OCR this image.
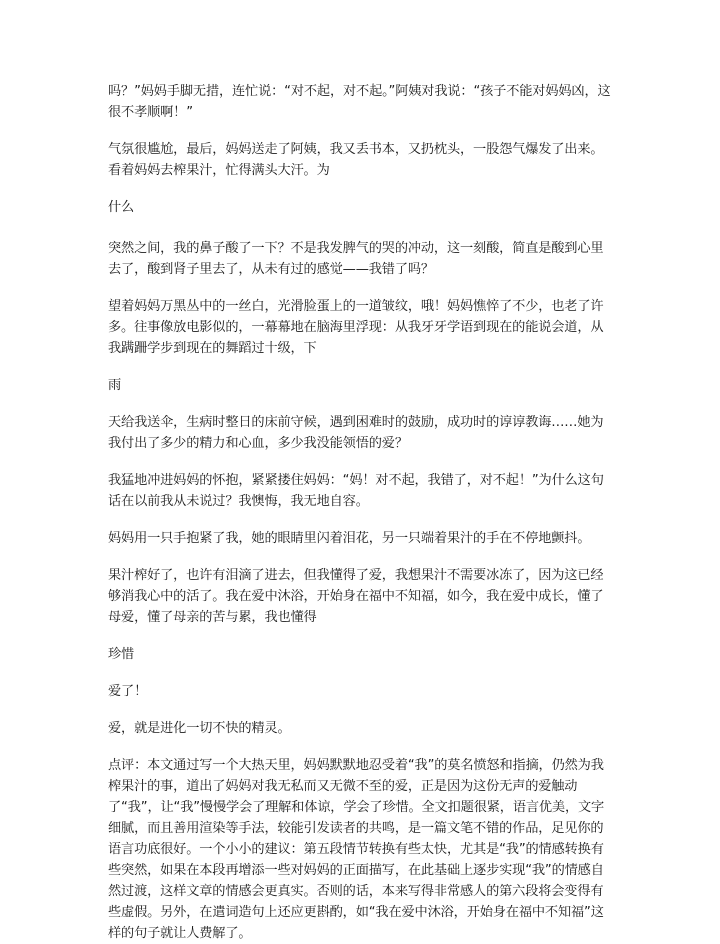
吗？”妈妈手脚无措，连忙说：“对不起，对不起。”阿姨对我说：“孩子不能对妈妈凶，这很不孝顺啊！”

气氛很尴尬，最后，妈妈送走了阿姨，我又丢书本，又扔枕头，一股怨气爆发了出来。看着妈妈去榨果汁，忙得满头大汗。为

什么

突然之间，我的鼻子酸了一下？不是我发脾气的哭的冲动，这一刻酸，简直是酸到心里去了，酸到肾子里去了，从未有过的感觉——我错了吗？

望着妈妈万黑丛中的一丝白，光滑脸蛋上的一道皱纹，哦！妈妈憔悴了不少，也老了许多。往事像放电影似的，一幕幕地在脑海里浮现：从我牙牙学语到现在的能说会道，从我蹒跚学步到现在的舞蹈过十级，下

雨

天给我送伞，生病时整日的床前守候，遇到困难时的鼓励，成功时的谆谆教诲……她为我付出了多少的精力和心血，多少我没能领悟的爱？

我猛地冲进妈妈的怀抱，紧紧搂住妈妈：“妈！对不起，我错了，对不起！”为什么这句话在以前我从未说过？我懊悔，我无地自容。

妈妈用一只手抱紧了我，她的眼睛里闪着泪花，另一只端着果汁的手在不停地颤抖。

果汁榨好了，也许有泪滴了进去，但我懂得了爱，我想果汁不需要冰冻了，因为这已经够消我心中的活了。我在爱中沐浴，开始身在福中不知福，如今，我在爱中成长，懂了母爱，懂了母亲的苦与累，我也懂得

珍惜

爱了！

爱，就是进化一切不快的精灵。

点评：本文通过写一个大热天里，妈妈默默地忍受着“我”的莫名愤怒和指摘，仍然为我榨果汁的事，道出了妈妈对我无私而又无微不至的爱，正是因为这份无声的爱触动了“我”，让“我”慢慢学会了理解和体谅，学会了珍惜。全文扣题很紧，语言优美，文字细腻，而且善用渲染等手法，较能引发读者的共鸣，是一篇文笔不错的作品，足见你的语言功底很好。一个小小的建议：第五段情节转换有些太快，尤其是“我”的情感转换有些突然，如果在本段再增添一些对妈妈的正面描写，在此基础上逐步实现“我”的情感自然过渡，这样文章的情感会更真实。否则的话，本来写得非常感人的第六段将会变得有些虚假。另外，在遣词造句上还应更斟酌，如“我在爱中沐浴，开始身在福中不知福”这样的句子就让人费解了。
